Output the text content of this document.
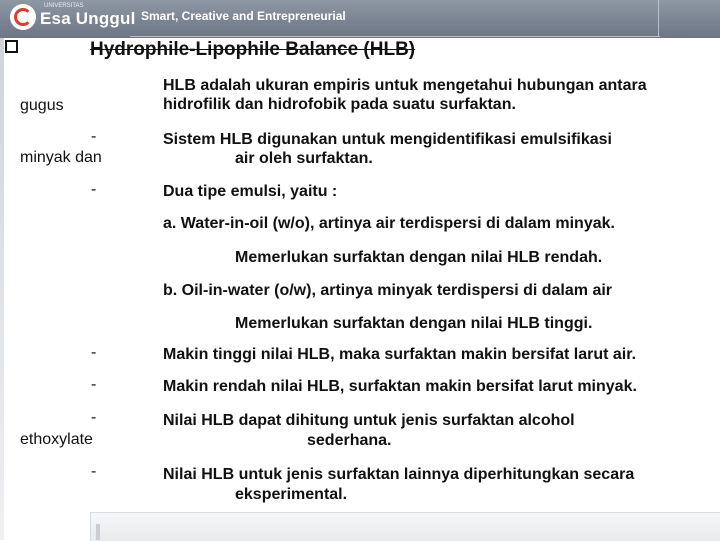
UNIVERSITAS
Esa Unggul Smart, Creative and Entrepreneurial
Hydrophile-Lipophile Balance (HLB)
gugus
-
minyak dan
-
-
-
-
ethoxylate
-
HLB adalah ukuran empiris untuk mengetahui hubungan antara
hidrofilik dan hidrofobik pada suatu surfaktan.
Sistem HLB digunakan untuk mengidentifikasi emulsifikasi
air oleh surfaktan.
Dua tipe emulsi, yaitu :
a. Water-in-oil (w/o), artinya air terdispersi di dalam minyak.
Memerlukan surfaktan dengan nilai HLB rendah.
b. Oil-in-water (o/w), artinya minyak terdispersi di dalam air
Memerlukan surfaktan dengan nilai HLB tinggi.
Makin tinggi nilai HLB, maka surfaktan makin bersifat larut air.
Makin rendah nilai HLB, surfaktan makin bersifat larut minyak.
Nilai HLB dapat dihitung untuk jenis surfaktan alcohol
sederhana.
Nilai HLB untuk jenis surfaktan lainnya diperhitungkan secara
eksperimental.
